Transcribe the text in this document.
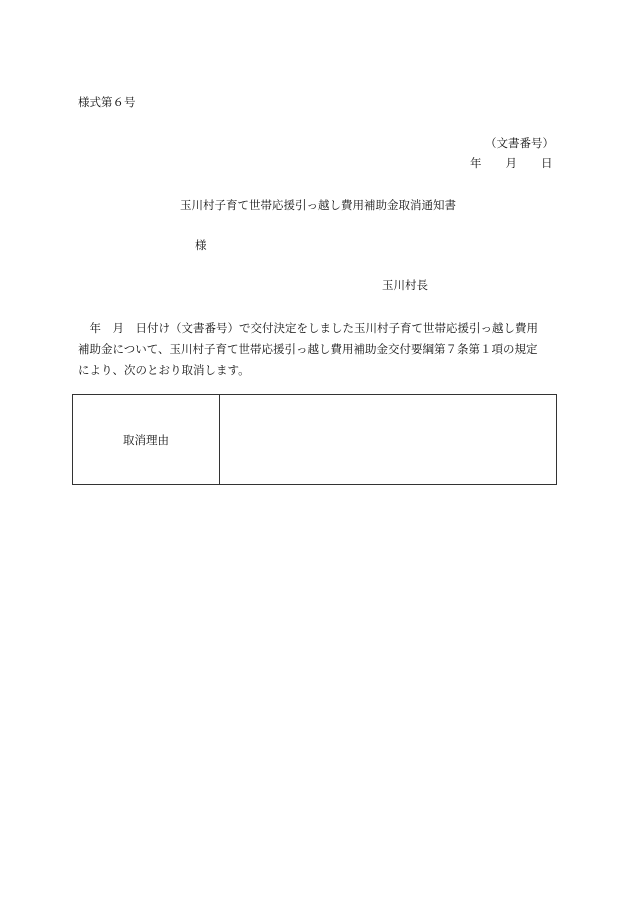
様式第６号
（文書番号）
年 月 日
玉川村子育て世帯応援引っ越し費用補助金取消通知書
様
玉川村長

　年　月　日付け（文書番号）で交付決定をしました玉川村子育て世帯応援引っ越し費用

補助金について、玉川村子育て世帯応援引っ越し費用補助金交付要綱第７条第１項の規定

により、次のとおり取消します。

取消理由	
